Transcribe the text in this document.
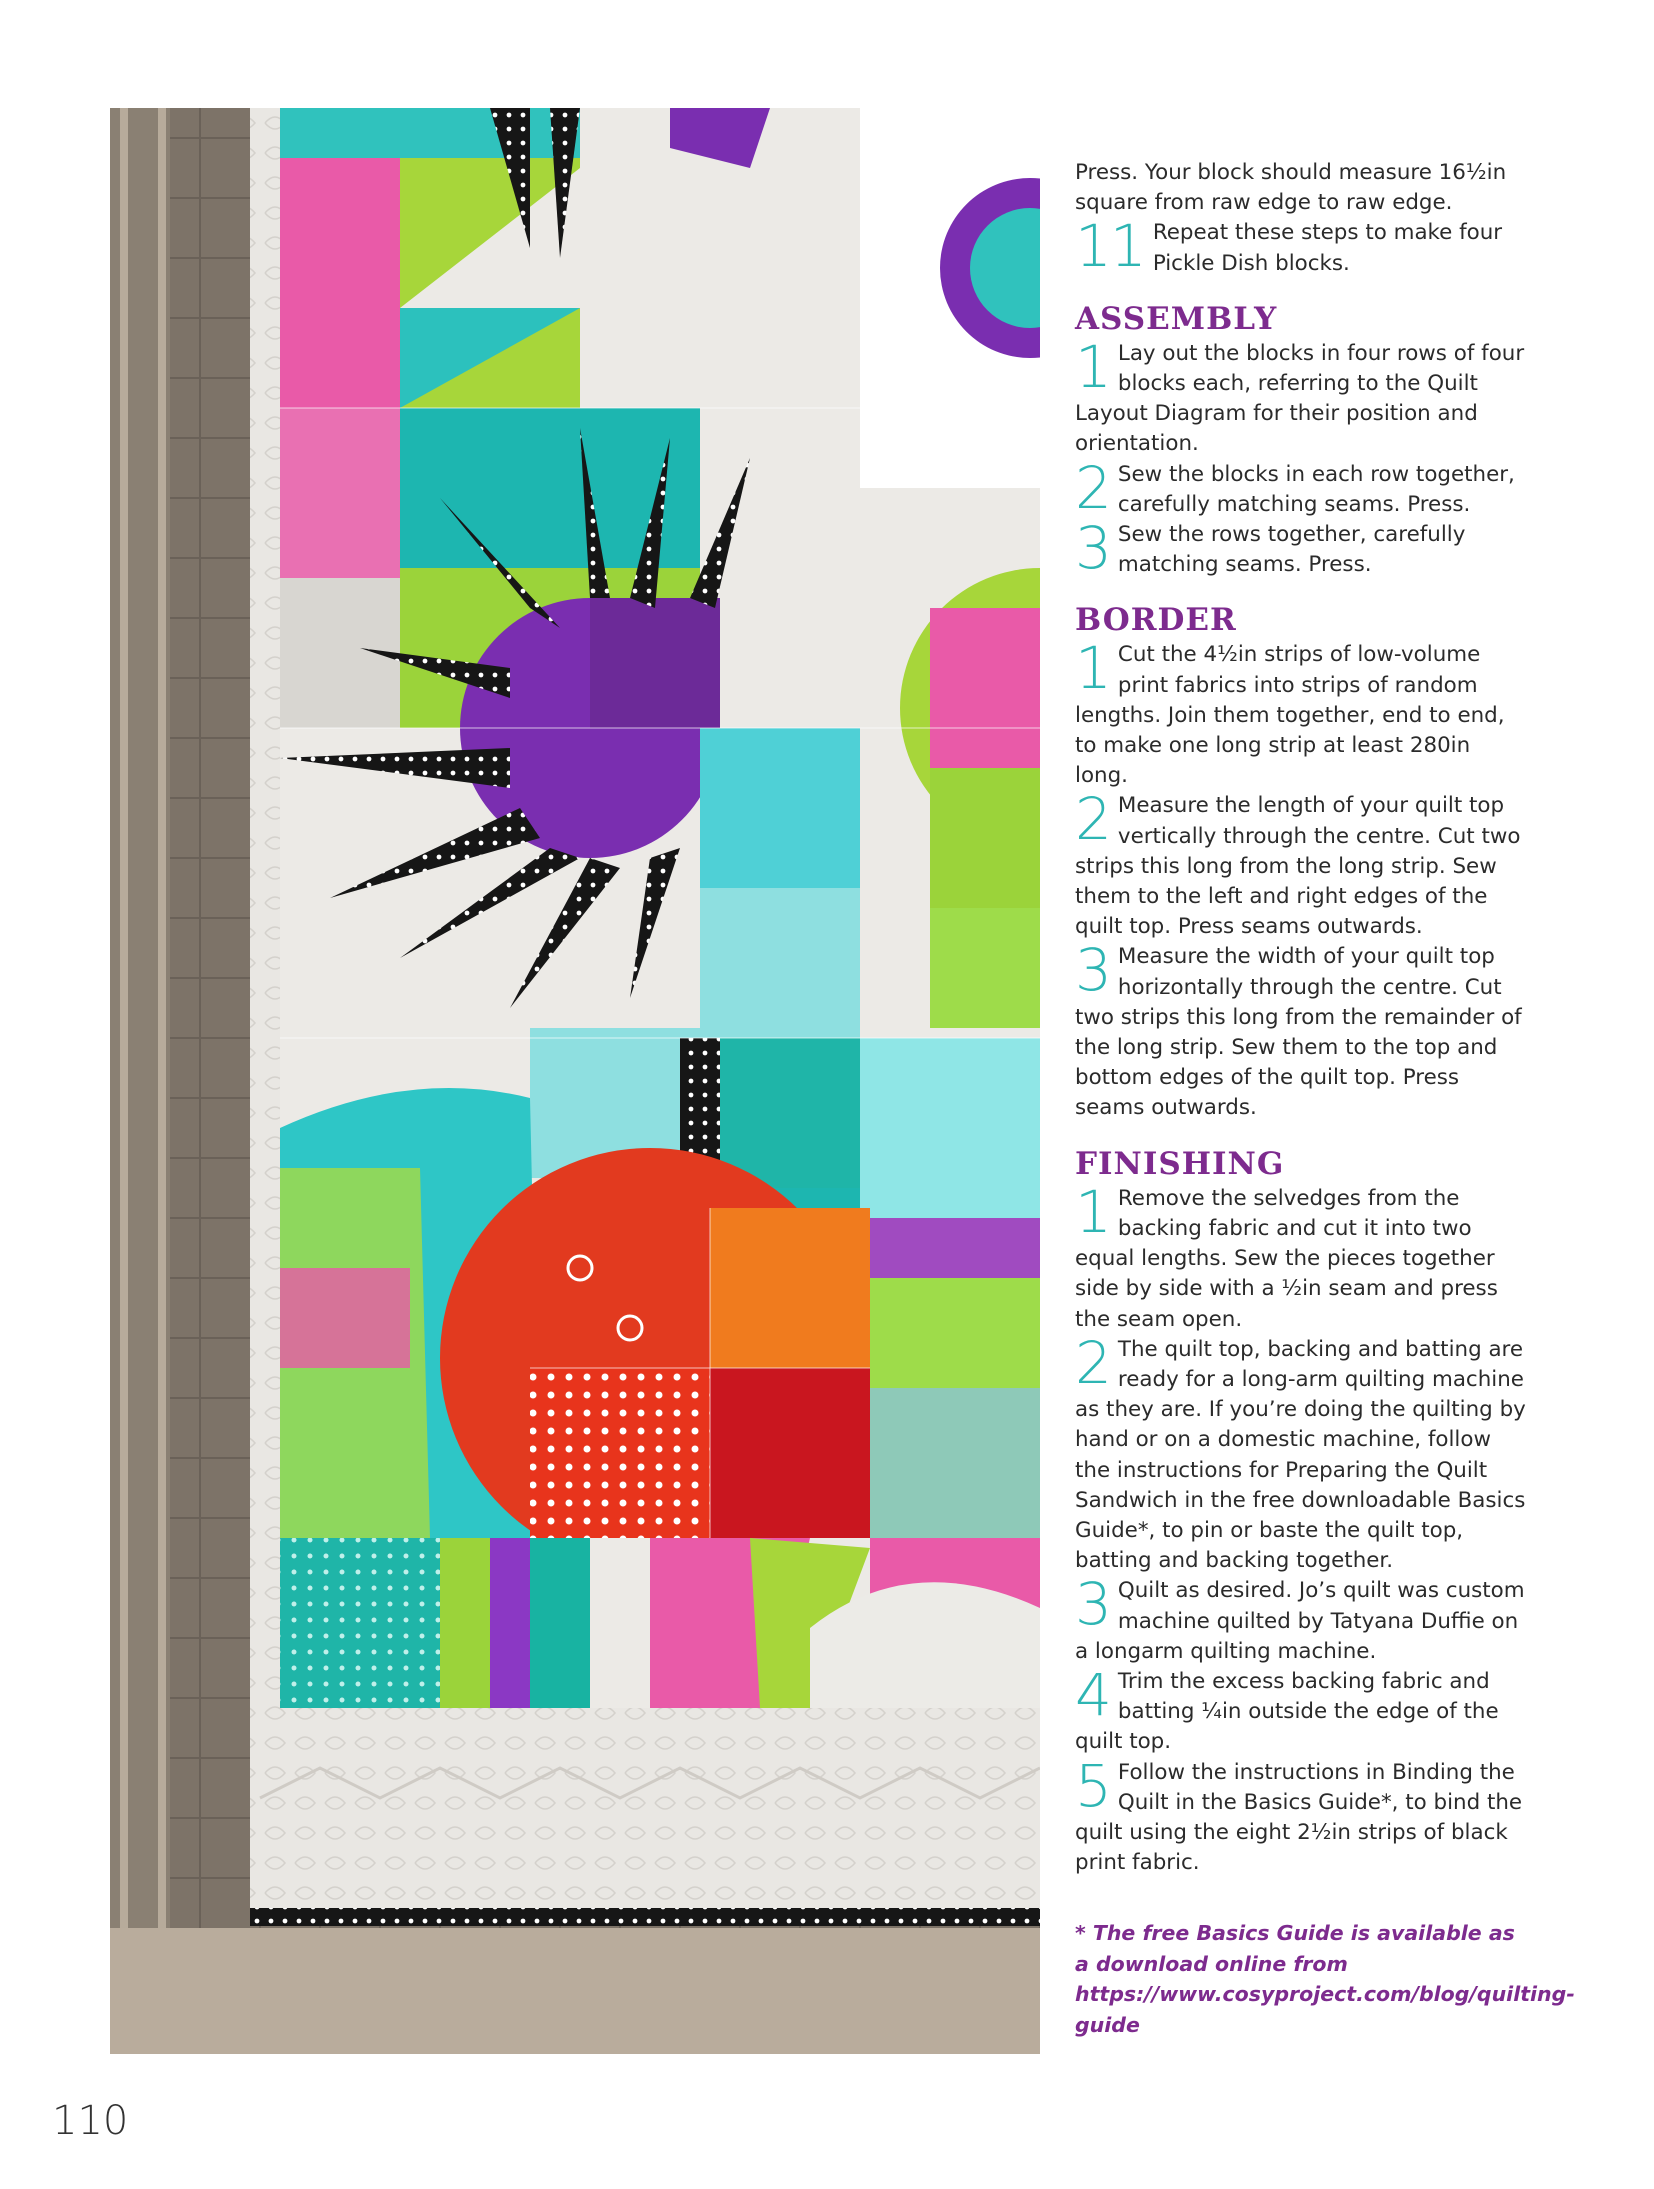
Press. Your block should measure 16½in square from raw edge to raw edge.

11 Repeat these steps to make four Pickle Dish blocks.
ASSEMBLY
1 Lay out the blocks in four rows of four blocks each, referring to the Quilt Layout Diagram for their position and orientation.
2 Sew the blocks in each row together, carefully matching seams. Press.
3 Sew the rows together, carefully matching seams. Press.
BORDER
1 Cut the 4½in strips of low-volume print fabrics into strips of random lengths. Join them together, end to end, to make one long strip at least 280in long.
2 Measure the length of your quilt top vertically through the centre. Cut two strips this long from the long strip. Sew them to the left and right edges of the quilt top. Press seams outwards.
3 Measure the width of your quilt top horizontally through the centre. Cut two strips this long from the remainder of the long strip. Sew them to the top and bottom edges of the quilt top. Press seams outwards.
FINISHING
1 Remove the selvedges from the backing fabric and cut it into two equal lengths. Sew the pieces together side by side with a ½in seam and press the seam open.
2 The quilt top, backing and batting are ready for a long-arm quilting machine as they are. If you’re doing the quilting by hand or on a domestic machine, follow the instructions for Preparing the Quilt Sandwich in the free downloadable Basics Guide*, to pin or baste the quilt top, batting and backing together.
3 Quilt as desired. Jo’s quilt was custom machine quilted by Tatyana Duffie on a longarm quilting machine.
4 Trim the excess backing fabric and batting ¼in outside the edge of the quilt top.
5 Follow the instructions in Binding the Quilt in the Basics Guide*, to bind the quilt using the eight 2½in strips of black print fabric.

* The free Basics Guide is available as a download online from https://www.cosyproject.com/blog/quilting-guide

110
